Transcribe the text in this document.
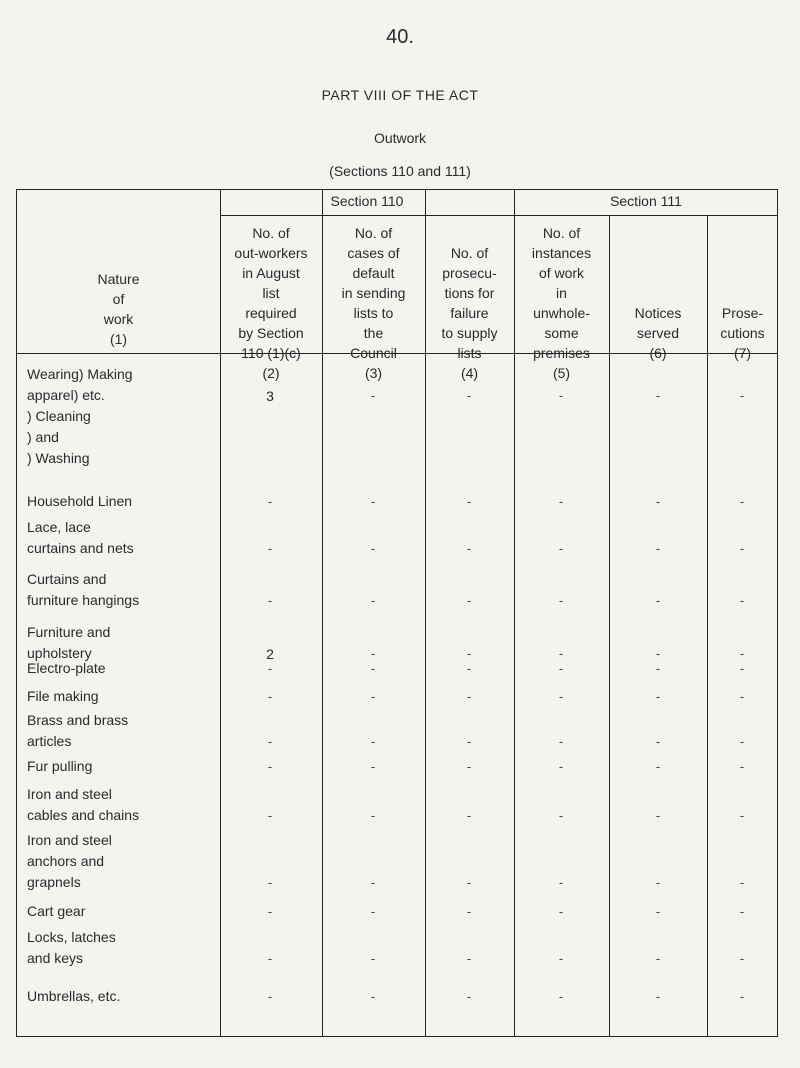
40.
PART VIII OF THE ACT
Outwork
(Sections 110 and 111)
Section 110	Section 111
Nature
of
work
(1)
No. of
out-workers
in August
list
required
by Section
110 (1)(c)
(2)
No. of
cases of
default
in sending
lists to
the
Council
(3)
No. of
prosecu-
tions for
failure
to supply
lists
(4)
No. of
instances
of work
in
unwhole-
some
premises
(5)
Notices
served
(6)
Prose-
cutions
(7)
Wearing) Making
apparel) etc.
) Cleaning
) and
) Washing
3	-	-	-	-	-
Household Linen	-	-	-	-	-	-
Lace, lace
curtains and nets	-	-	-	-	-	-
Curtains and
furniture hangings	-	-	-	-	-	-
Furniture and
upholstery	2	-	-	-	-	-
Electro-plate	-	-	-	-	-	-
File making	-	-	-	-	-	-
Brass and brass
articles	-	-	-	-	-	-
Fur pulling	-	-	-	-	-	-
Iron and steel
cables and chains	-	-	-	-	-	-
Iron and steel
anchors and
grapnels	-	-	-	-	-	-
Cart gear	-	-	-	-	-	-
Locks, latches
and keys	-	-	-	-	-	-
Umbrellas, etc.	-	-	-	-	-	-
